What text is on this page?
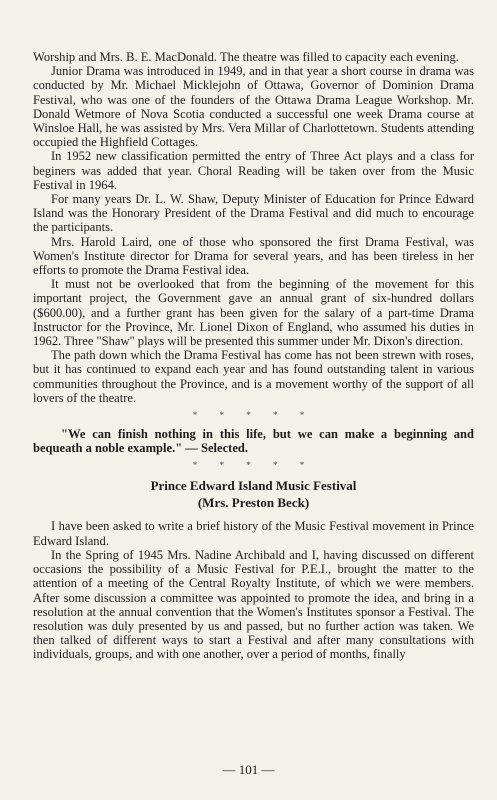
Worship and Mrs. B. E. MacDonald. The theatre was filled to capacity each evening.

Junior Drama was introduced in 1949, and in that year a short course in drama was conducted by Mr. Michael Micklejohn of Ottawa, Governor of Dominion Drama Festival, who was one of the founders of the Ottawa Drama League Workshop. Mr. Donald Wetmore of Nova Scotia conducted a successful one week Drama course at Winsloe Hall, he was assisted by Mrs. Vera Millar of Charlottetown. Students attending occupied the Highfield Cottages.

In 1952 new classification permitted the entry of Three Act plays and a class for beginers was added that year. Choral Reading will be taken over from the Music Festival in 1964.

For many years Dr. L. W. Shaw, Deputy Minister of Education for Prince Edward Island was the Honorary President of the Drama Festival and did much to encourage the participants.

Mrs. Harold Laird, one of those who sponsored the first Drama Festival, was Women's Institute director for Drama for several years, and has been tireless in her efforts to promote the Drama Festival idea.

It must not be overlooked that from the beginning of the movement for this important project, the Government gave an annual grant of six-hundred dollars ($600.00), and a further grant has been given for the salary of a part-time Drama Instructor for the Province, Mr. Lionel Dixon of England, who assumed his duties in 1962. Three "Shaw" plays will be presented this summer under Mr. Dixon's direction.

The path down which the Drama Festival has come has not been strewn with roses, but it has continued to expand each year and has found outstanding talent in various communities throughout the Province, and is a movement worthy of the support of all lovers of the theatre.

* * * * *

"We can finish nothing in this life, but we can make a beginning and bequeath a noble example." — Selected.

* * * * *

Prince Edward Island Music Festival

(Mrs. Preston Beck)

I have been asked to write a brief history of the Music Festival movement in Prince Edward Island.

In the Spring of 1945 Mrs. Nadine Archibald and I, having discussed on different occasions the possibility of a Music Festival for P.E.I., brought the matter to the attention of a meeting of the Central Royalty Institute, of which we were members. After some discussion a committee was appointed to promote the idea, and bring in a resolution at the annual convention that the Women's Institutes sponsor a Festival. The resolution was duly presented by us and passed, but no further action was taken. We then talked of different ways to start a Festival and after many consultations with individuals, groups, and with one another, over a period of months, finally

— 101 —
